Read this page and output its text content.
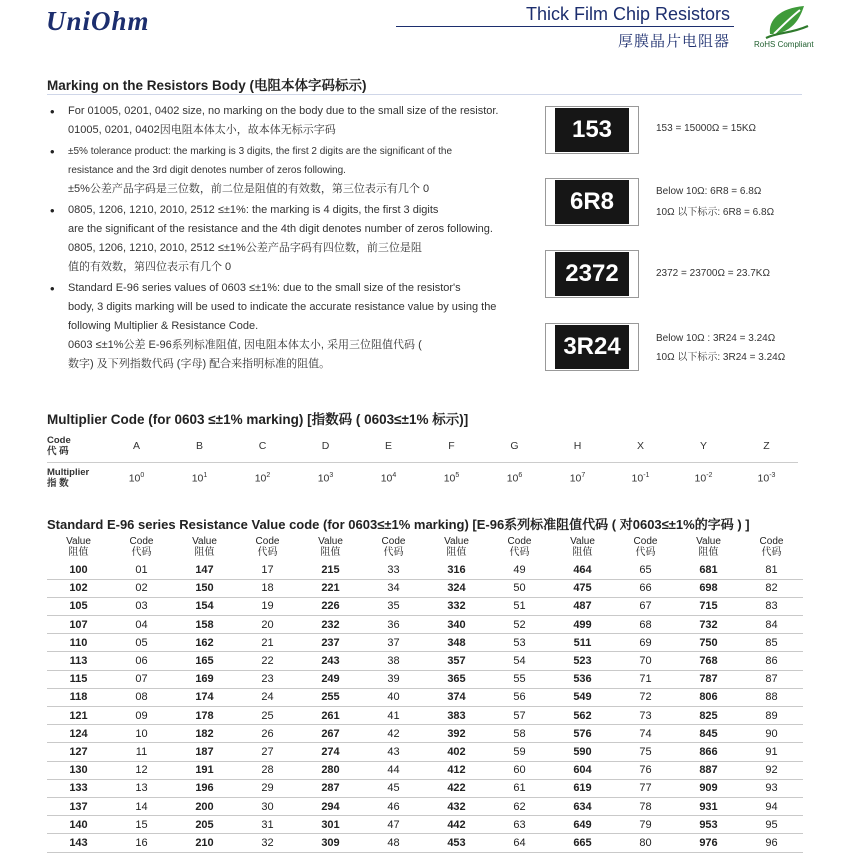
UniOhm	Thick Film Chip Resistors
厚膜晶片电阻器	RoHS Compliant
Marking on the Resistors Body (电阻本体字码标示)
• For 01005, 0201, 0402 size, no marking on the body due to the small size of the resistor.

01005, 0201, 0402因电阻本体太小，故本体无标示字码

• ±5% tolerance product: the marking is 3 digits, the first 2 digits are the significant of the

resistance and the 3rd digit denotes number of zeros following.

±5%公差产品字码是三位数，前二位是阻值的有效数，第三位表示有几个 0

• 0805, 1206, 1210, 2010, 2512 ≤±1%: the marking is 4 digits, the first 3 digits

are the significant of the resistance and the 4th digit denotes number of zeros following.

0805, 1206, 1210, 2010, 2512 ≤±1%公差产品字码有四位数，前三位是阻

值的有效数，第四位表示有几个 0

• Standard E-96 series values of 0603 ≤±1%: due to the small size of the resistor's

body, 3 digits marking will be used to indicate the accurate resistance value by using the

following Multiplier & Resistance Code.

0603 ≤±1%公差 E-96系列标准阻值, 因电阻本体太小, 采用三位阻值代码 (

数字) 及下列指数代码 (字母) 配合来指明标准的阻值。

153	153 = 15000Ω = 15KΩ
6R8	Below 10Ω: 6R8 = 6.8Ω
10Ω 以下标示: 6R8 = 6.8Ω
2372	2372 = 23700Ω = 23.7KΩ
3R24	Below 10Ω : 3R24 = 3.24Ω
10Ω 以下标示: 3R24 = 3.24Ω
Multiplier Code (for 0603 ≤±1% marking) [指数码 ( 0603≤±1% 标示)]
Code
代 码	A	B	C	D	E	F	G	H	X	Y	Z
Multiplier
指 数	$10^0$	$10^1$	$10^2$	$10^3$	$10^4$	$10^5$	$10^6$	$10^7$	$10^{-1}$	$10^{-2}$	$10^{-3}$
Standard E-96 series Resistance Value code (for 0603≤±1% marking) [E-96系列标准阻值代码 ( 对0603≤±1%的字码 ) ]
Value
阻值	Code
代码	Value
阻值	Code
代码	Value
阻值	Code
代码	Value
阻值	Code
代码	Value
阻值	Code
代码	Value
阻值	Code
代码
100	01	147	17	215	33	316	49	464	65	681	81
102	02	150	18	221	34	324	50	475	66	698	82
105	03	154	19	226	35	332	51	487	67	715	83
107	04	158	20	232	36	340	52	499	68	732	84
110	05	162	21	237	37	348	53	511	69	750	85
113	06	165	22	243	38	357	54	523	70	768	86
115	07	169	23	249	39	365	55	536	71	787	87
118	08	174	24	255	40	374	56	549	72	806	88
121	09	178	25	261	41	383	57	562	73	825	89
124	10	182	26	267	42	392	58	576	74	845	90
127	11	187	27	274	43	402	59	590	75	866	91
130	12	191	28	280	44	412	60	604	76	887	92
133	13	196	29	287	45	422	61	619	77	909	93
137	14	200	30	294	46	432	62	634	78	931	94
140	15	205	31	301	47	442	63	649	79	953	95
143	16	210	32	309	48	453	64	665	80	976	96
